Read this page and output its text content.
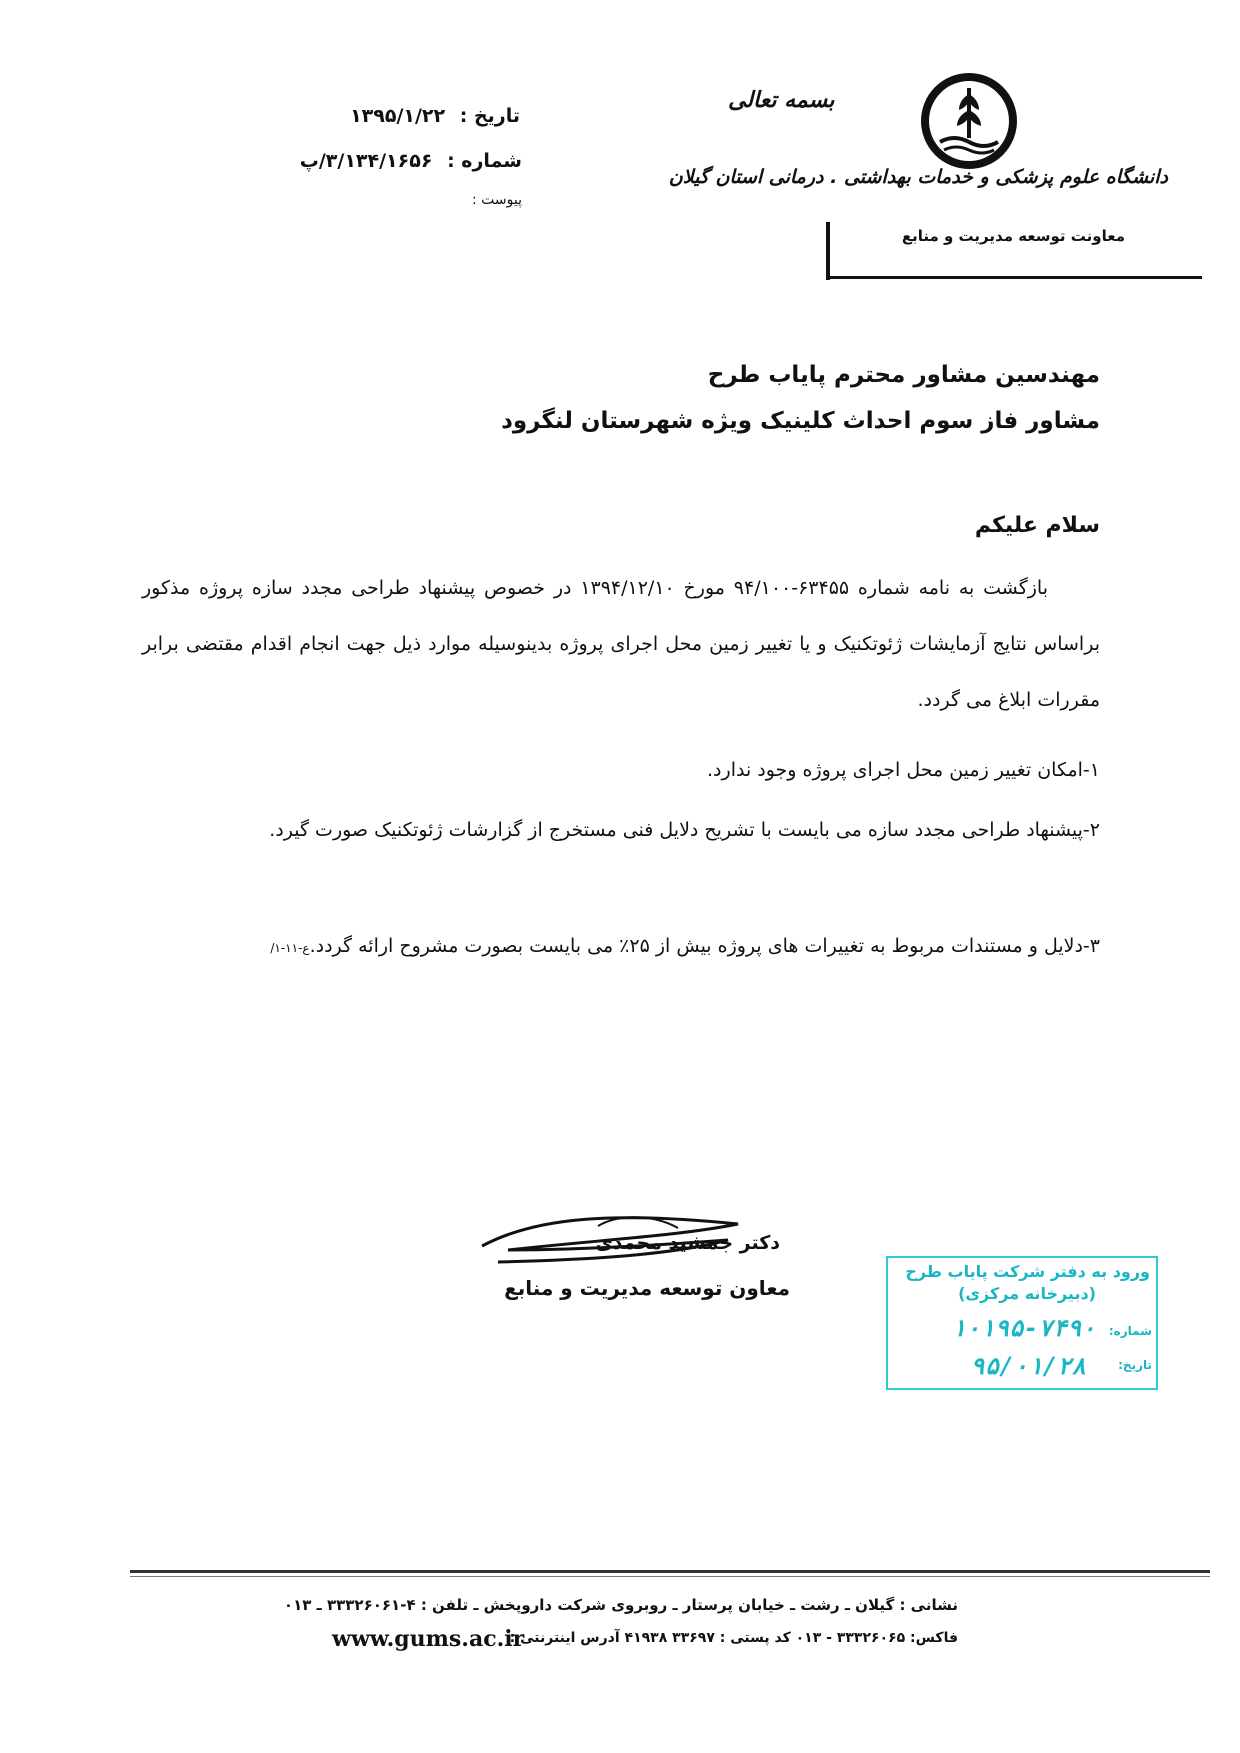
تاریخ : ۱۳۹۵/۱/۲۲
شماره : ۳/۱۳۴/۱۶۵۶/پ
پیوست :
بسمه تعالی
دانشگاه علوم پزشکی و خدمات بهداشتی . درمانی استان گیلان
معاونت توسعه مدیریت و منابع
مهندسین مشاور محترم پایاب طرح
مشاور فاز سوم احداث کلینیک ویژه شهرستان لنگرود
سلام علیکم
بازگشت به نامه شماره ۶۳۴۵۵-۹۴/۱۰۰ مورخ ۱۳۹۴/۱۲/۱۰ در خصوص پیشنهاد طراحی مجدد سازه پروژه مذکور براساس نتایج آزمایشات ژئوتکنیک و یا تغییر زمین محل اجرای پروژه بدینوسیله موارد ذیل جهت انجام اقدام مقتضی برابر مقررات ابلاغ می گردد.
۱-امکان تغییر زمین محل اجرای پروژه وجود ندارد.
۲-پیشنهاد طراحی مجدد سازه می بایست با تشریح دلایل فنی مستخرج از گزارشات ژئوتکنیک صورت گیرد.
۳-دلایل و مستندات مربوط به تغییرات های پروژه بیش از ۲۵٪ می بایست بصورت مشروح ارائه گردد.ع-۱۱-۱/
دکتر جمشید محمدی
معاون توسعه مدیریت و منابع
ورود به دفتر شرکت پایاب طرح
(دبیرخانه مرکزی)
شماره:
۱۰۱۹۵-۷۴۹۰
تاریخ:
۹۵/۰۱/۲۸
نشانی : گیلان ـ رشت ـ خیابان پرستار ـ روبروی شرکت داروپخش ـ تلفن : ۴-۳۳۳۲۶۰۶۱ ـ ۰۱۳
فاکس: ۳۳۳۲۶۰۶۵ - ۰۱۳ کد پستی : ۳۳۶۹۷ ۴۱۹۳۸ آدرس اینترنتی :
www.gums.ac.ir
